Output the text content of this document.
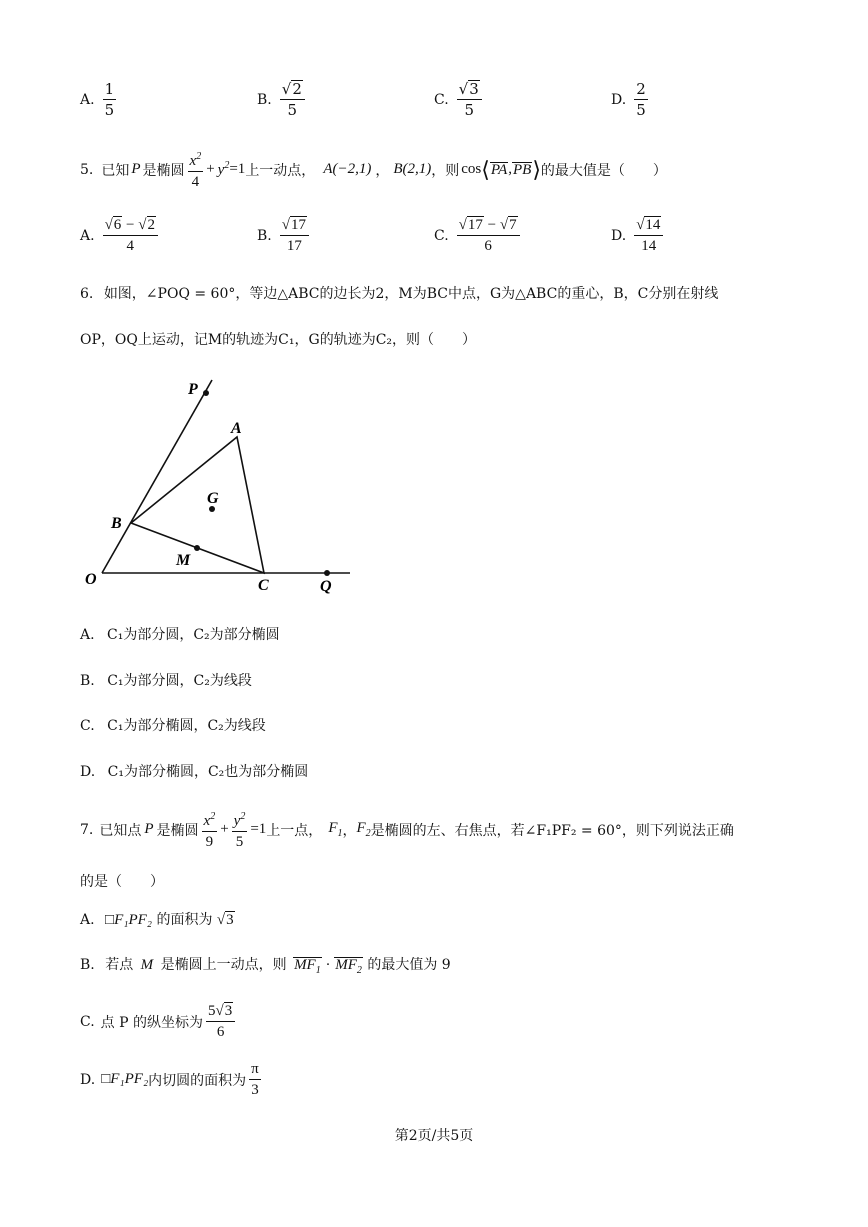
A. $\frac{1}{5}$	B. $\frac{√2}{5}$	C. $\frac{√3}{5}$	D. $\frac{2}{5}$
5. 已知 P 是椭圆 $\frac{x^2}{4} + y^2 =1$ 上一动点， A(−2,1) ， B(2,1) ，则 cos ⟨ PA , PB ⟩ 的最大值是（　　）
A. $\frac{√6 - √2}{4}$	B. $\frac{√17}{17}$	C. $\frac{√17 - √7}{6}$	D. $\frac{√14}{14}$
6. 如图，∠POQ = 60°，等边△ABC的边长为2，M为BC中点，G为△ABC的重心，B，C分别在射线
OP，OQ上运动，记M的轨迹为C₁，G的轨迹为C₂，则（　　）
P
A
G
B
M
O	C	Q
A. C₁为部分圆，C₂为部分椭圆
B. C₁为部分圆，C₂为线段
C. C₁为部分椭圆，C₂为线段
D. C₁为部分椭圆，C₂也为部分椭圆
7. 已知点 P 是椭圆 $\frac{x^2}{9} + \frac{y^2}{5} =1$ 上一点， $F_1$ ， $F_2$ 是椭圆的左、右焦点，若∠F₁PF₂ = 60°，则下列说法正确
的是（　　）
A. □F₁PF₂ 的面积为 √3
B. 若点 M 是椭圆上一动点，则 $MF_1 \cdot MF_2$ 的最大值为 9
C. 点 P 的纵坐标为 $\frac{5√3}{6}$
D. □F₁PF₂ 内切圆的面积为 $\frac{\pi}{3}$
第2页/共5页
